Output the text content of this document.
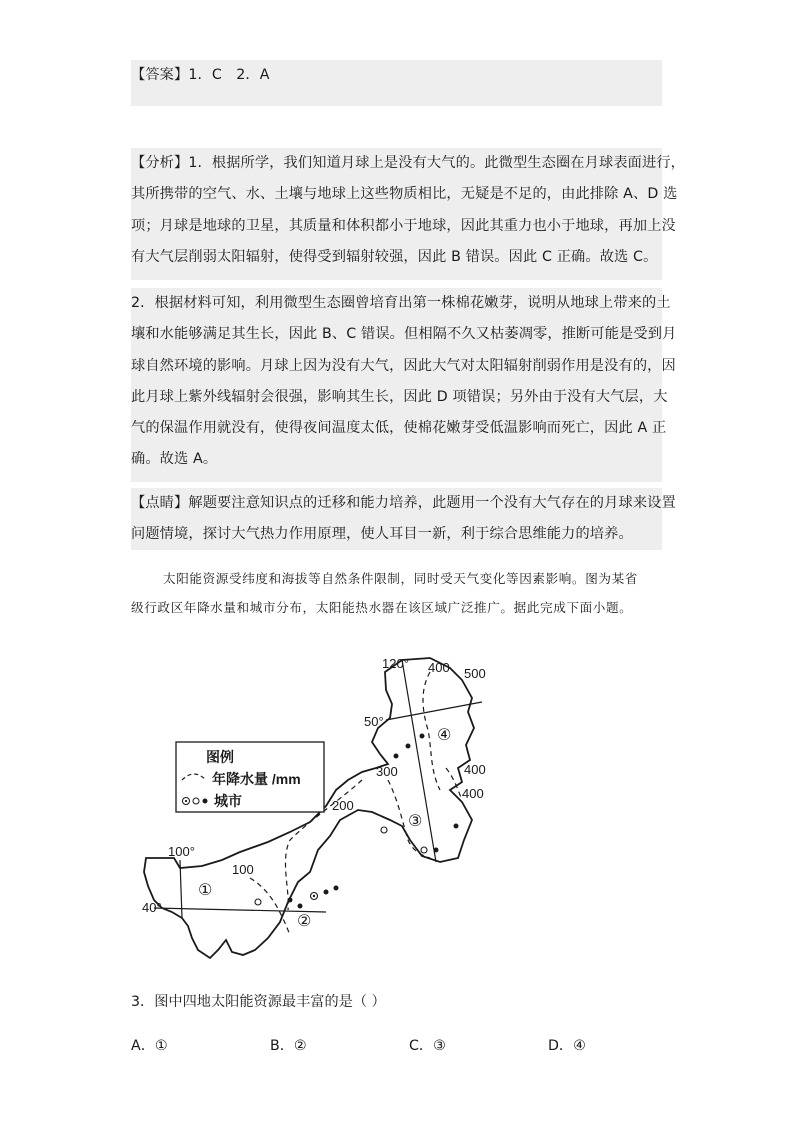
【答案】1．C　2．A
【分析】1．根据所学，我们知道月球上是没有大气的。此微型生态圈在月球表面进行，
其所携带的空气、水、土壤与地球上这些物质相比，无疑是不足的，由此排除 A、D 选
项；月球是地球的卫星，其质量和体积都小于地球，因此其重力也小于地球，再加上没
有大气层削弱太阳辐射，使得受到辐射较强，因此 B 错误。因此 C 正确。故选 C。
2．根据材料可知，利用微型生态圈曾培育出第一株棉花嫩芽，说明从地球上带来的土
壤和水能够满足其生长，因此 B、C 错误。但相隔不久又枯萎凋零，推断可能是受到月
球自然环境的影响。月球上因为没有大气，因此大气对太阳辐射削弱作用是没有的，因
此月球上紫外线辐射会很强，影响其生长，因此 D 项错误；另外由于没有大气层，大
气的保温作用就没有，使得夜间温度太低，使棉花嫩芽受低温影响而死亡，因此 A 正
确。故选 A。
【点睛】解题要注意知识点的迁移和能力培养，此题用一个没有大气存在的月球来设置
问题情境，探讨大气热力作用原理，使人耳目一新，利于综合思维能力的培养。
太阳能资源受纬度和海拔等自然条件限制，同时受天气变化等因素影响。图为某省
级行政区年降水量和城市分布，太阳能热水器在该区域广泛推广。据此完成下面小题。
图例
年降水量 /mm
城市
120° 400 500
50°
300	400
400
200
100°
100
40°
①
②
③
④
3．图中四地太阳能资源最丰富的是（ ）
A．①	B．②	C．③	D．④
